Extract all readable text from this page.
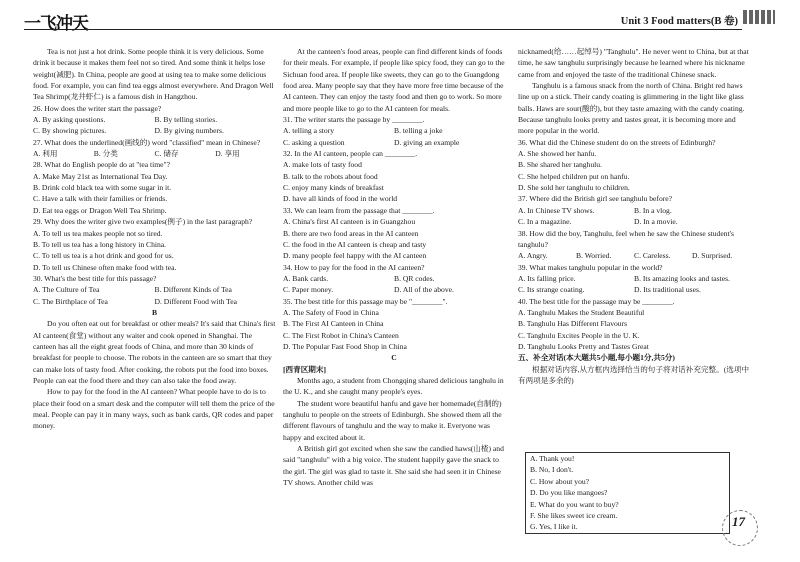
一飞冲天	Unit 3 Food matters(B 卷)

Tea is not just a hot drink. Some people think it is very delicious. Some drink it because it makes them feel not so tired. And some think it helps lose weight(减肥). In China, people are good at using tea to make some delicious food. For example, you can find tea eggs almost everywhere. And Dragon Well Tea Shrimp(龙井虾仁) is a famous dish in Hangzhou.

26. How does the writer start the passage?

A. By asking questions.	B. By telling stories.
C. By showing pictures.	D. By giving numbers.

27. What does the underlined(画线的) word "classified" mean in Chinese?

A. 利用	B. 分类	C. 储存	D. 享用

28. What do English people do at "tea time"?

A. Make May 21st as International Tea Day.

B. Drink cold black tea with some sugar in it.

C. Have a talk with their families or friends.

D. Eat tea eggs or Dragon Well Tea Shrimp.

29. Why does the writer give two examples(例子) in the last paragraph?

A. To tell us tea makes people not so tired.

B. To tell us tea has a long history in China.

C. To tell us tea is a hot drink and good for us.

D. To tell us Chinese often make food with tea.

30. What's the best title for this passage?

A. The Culture of Tea	B. Different Kinds of Tea
C. The Birthplace of Tea	D. Different Food with Tea

B

Do you often eat out for breakfast or other meals? It's said that China's first AI canteen(食堂) without any waiter and cook opened in Shanghai. The canteen has all the eight great foods of China, and more than 30 kinds of breakfast for people to choose. The robots in the canteen are so smart that they can make lots of tasty food. After cooking, the robots put the food into boxes. People can eat the food there and they can also take the food away.

How to pay for the food in the AI canteen? What people have to do is to place their food on a smart desk and the computer will tell them the price of the meal. People can pay it in many ways, such as bank cards, QR codes and paper money.

At the canteen's food areas, people can find different kinds of foods for their meals. For example, if people like spicy food, they can go to the Sichuan food area. If people like sweets, they can go to the Guangdong food area. Many people say that they have more free time because of the AI canteen. They can enjoy the tasty food and then go to work. So more and more people like to go to the AI canteen for meals.

31. The writer starts the passage by ________.

A. telling a story	B. telling a joke
C. asking a question	D. giving an example

32. In the AI canteen, people can ________.

A. make lots of tasty food

B. talk to the robots about food

C. enjoy many kinds of breakfast

D. have all kinds of food in the world

33. We can learn from the passage that ________.

A. China's first AI canteen is in Guangzhou

B. there are two food areas in the AI canteen

C. the food in the AI canteen is cheap and tasty

D. many people feel happy with the AI canteen

34. How to pay for the food in the AI canteen?

A. Bank cards.	B. QR codes.
C. Paper money.	D. All of the above.

35. The best title for this passage may be "________".

A. The Safety of Food in China

B. The First AI Canteen in China

C. The First Robot in China's Canteen

D. The Popular Fast Food Shop in China

C

[西青区期末]

Months ago, a student from Chongqing shared delicious tanghulu in the U. K., and she caught many people's eyes.

The student wore beautiful hanfu and gave her homemade(自制的) tanghulu to people on the streets of Edinburgh. She showed them all the different flavours of tanghulu and the way to make it. Everyone was happy and excited about it.

A British girl got excited when she saw the candied haws(山楂) and said "tanghulu" with a big voice. The student happily gave the snack to the girl. The girl was glad to taste it. She said she had seen it in Chinese TV shows. Another child was

nicknamed(给……起绰号) "Tanghulu". He never went to China, but at that time, he saw tanghulu surprisingly because he learned where his nickname came from and enjoyed the taste of the traditional Chinese snack.

Tanghulu is a famous snack from the north of China. Bright red haws line up on a stick. Their candy coating is glimmering in the light like glass balls. Haws are sour(酸的), but they taste amazing with the candy coating. Because tanghulu looks pretty and tastes great, it is becoming more and more popular in the world.

36. What did the Chinese student do on the streets of Edinburgh?

A. She showed her hanfu.

B. She shared her tanghulu.

C. She helped children put on hanfu.

D. She sold her tanghulu to children.

37. Where did the British girl see tanghulu before?

A. In Chinese TV shows.	B. In a vlog.
C. In a magazine.	D. In a movie.

38. How did the boy, Tanghulu, feel when he saw the Chinese student's tanghulu?

A. Angry.	B. Worried.	C. Careless.	D. Surprised.

39. What makes tanghulu popular in the world?

A. Its falling price.	B. Its amazing looks and tastes.
C. Its strange coating.	D. Its traditional uses.

40. The best title for the passage may be ________.

A. Tanghulu Makes the Student Beautiful

B. Tanghulu Has Different Flavours

C. Tanghulu Excites People in the U. K.

D. Tanghulu Looks Pretty and Tastes Great

五、补全对话(本大题共5小题,每小题1分,共5分)

根据对话内容,从方框内选择恰当的句子将对话补充完整。(选项中有两项是多余的)

A. Thank you!
B. No, I don't.
C. How about you?
D. Do you like mangoes?
E. What do you want to buy?
F. She likes sweet ice cream.
G. Yes, I like it.	17
